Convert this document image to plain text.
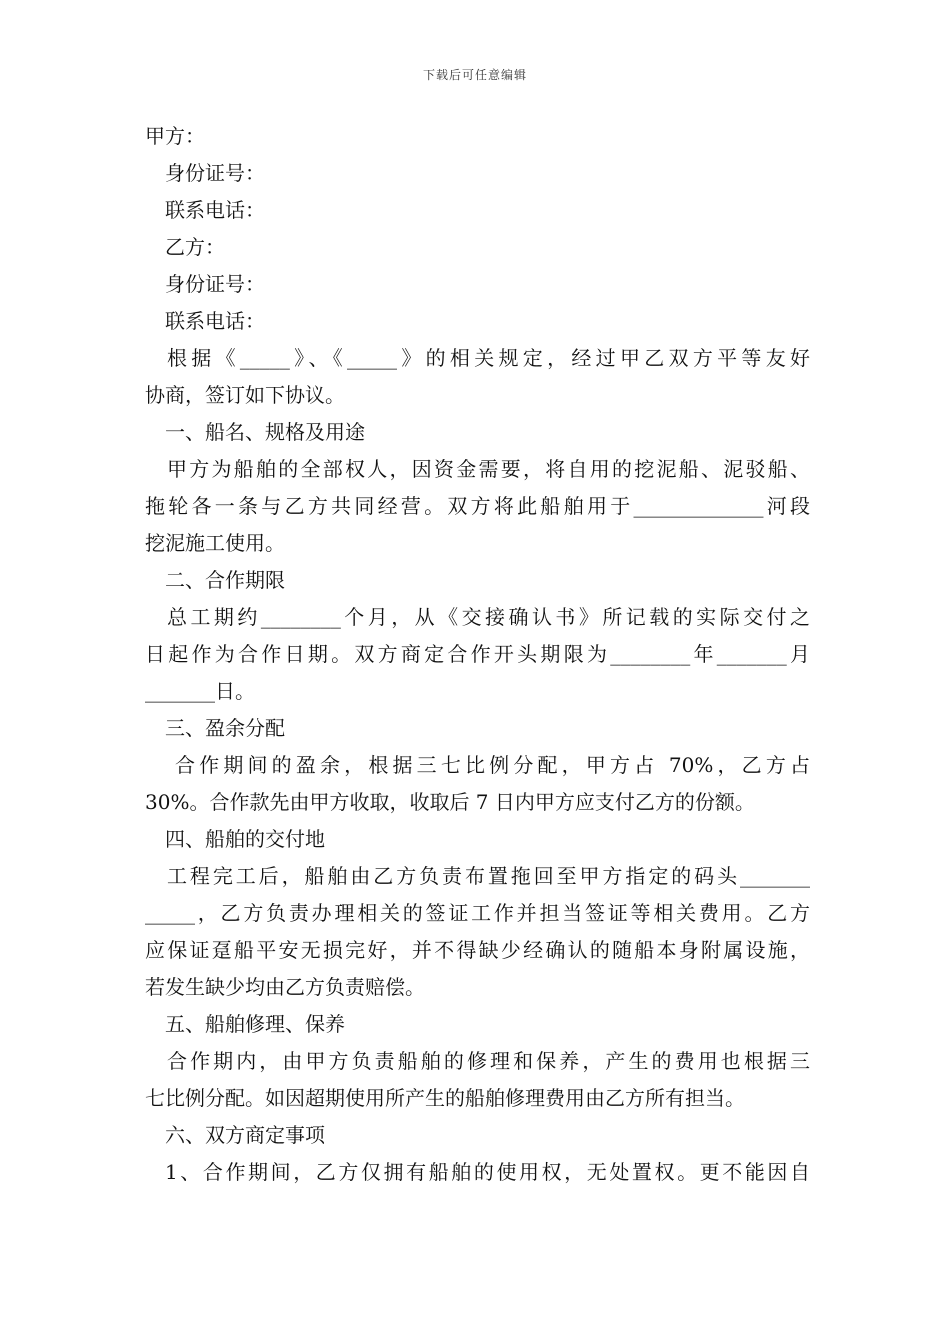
下载后可任意编辑
甲方：
身份证号：
联系电话：
乙方：
身份证号：
联系电话：
根据《_____》、《_____》的相关规定，经过甲乙双方平等友好
协商，签订如下协议。
一、船名、规格及用途
甲方为船舶的全部权人，因资金需要，将自用的挖泥船、泥驳船、
拖轮各一条与乙方共同经营。双方将此船舶用于_____________河段
挖泥施工使用。
二、合作期限
总工期约________个月，从《交接确认书》所记载的实际交付之
日起作为合作日期。双方商定合作开头期限为________年_______月
_______日。
三、盈余分配
合作期间的盈余，根据三七比例分配，甲方占 70%，乙方占
30%。合作款先由甲方收取，收取后 7 日内甲方应支付乙方的份额。
四、船舶的交付地
工程完工后，船舶由乙方负责布置拖回至甲方指定的码头_______
_____，乙方负责办理相关的签证工作并担当签证等相关费用。乙方
应保证趸船平安无损完好，并不得缺少经确认的随船本身附属设施，
若发生缺少均由乙方负责赔偿。
五、船舶修理、保养
合作期内，由甲方负责船舶的修理和保养，产生的费用也根据三
七比例分配。如因超期使用所产生的船舶修理费用由乙方所有担当。
六、双方商定事项
1、合作期间，乙方仅拥有船舶的使用权，无处置权。更不能因自
